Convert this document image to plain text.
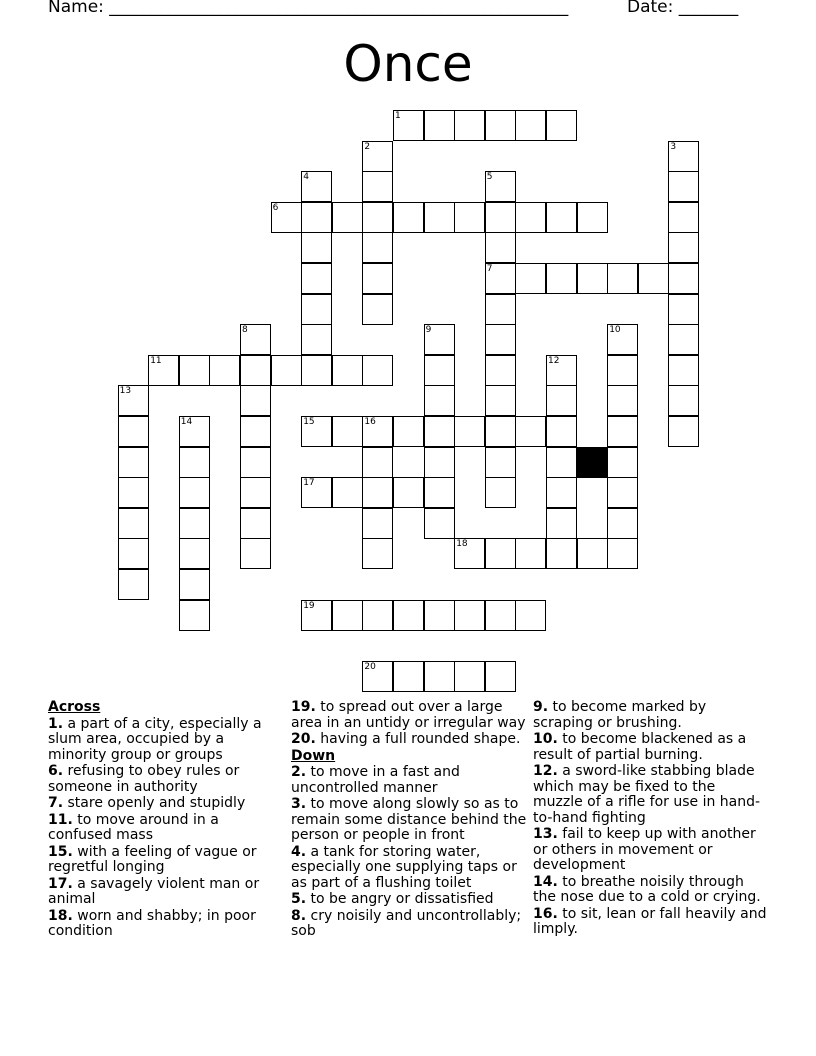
Name: ______________________________________________________	Date: _______
Once
1
2	3
4	5
7
6
8	9	10
11	12
13
14	15	16
17
18
19
20
Across
1. a part of a city, especially a slum area, occupied by a minority group or groups
6. refusing to obey rules or someone in authority
7. stare openly and stupidly
11. to move around in a confused mass
15. with a feeling of vague or regretful longing
17. a savagely violent man or animal
18. worn and shabby; in poor condition
19. to spread out over a large area in an untidy or irregular way
20. having a full rounded shape.
Down
2. to move in a fast and uncontrolled manner
3. to move along slowly so as to remain some distance behind the person or people in front
4. a tank for storing water, especially one supplying taps or as part of a flushing toilet
5. to be angry or dissatisfied
8. cry noisily and uncontrollably; sob
9. to become marked by scraping or brushing.
10. to become blackened as a result of partial burning.
12. a sword-like stabbing blade which may be fixed to the muzzle of a rifle for use in hand-to-hand fighting
13. fail to keep up with another or others in movement or development
14. to breathe noisily through the nose due to a cold or crying.
16. to sit, lean or fall heavily and limply.
